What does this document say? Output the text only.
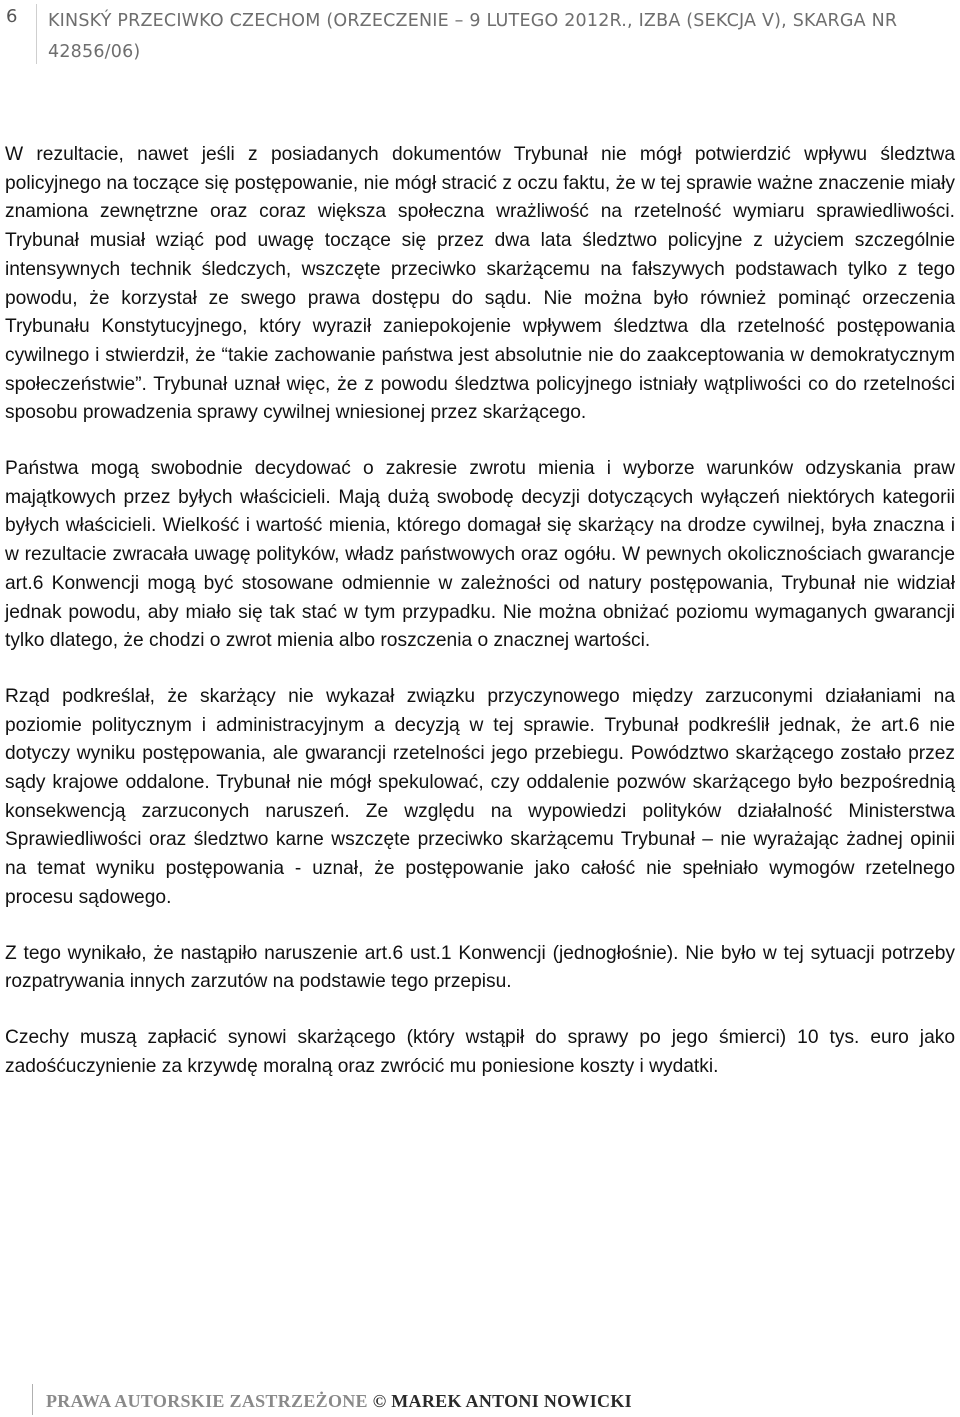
6 KINSKÝ PRZECIWKO CZECHOM (ORZECZENIE – 9 LUTEGO 2012R., IZBA (SEKCJA V), SKARGA NR 42856/06)

W rezultacie, nawet jeśli z posiadanych dokumentów Trybunał nie mógł potwierdzić wpływu śledztwa policyjnego na toczące się postępowanie, nie mógł stracić z oczu faktu, że w tej sprawie ważne znaczenie miały znamiona zewnętrzne oraz coraz większa społeczna wrażliwość na rzetelność wymiaru sprawiedliwości. Trybunał musiał wziąć pod uwagę toczące się przez dwa lata śledztwo policyjne z użyciem szczególnie intensywnych technik śledczych, wszczęte przeciwko skarżącemu na fałszywych podstawach tylko z tego powodu, że korzystał ze swego prawa dostępu do sądu. Nie można było również pominąć orzeczenia Trybunału Konstytucyjnego, który wyraził zaniepokojenie wpływem śledztwa dla rzetelność postępowania cywilnego i stwierdził, że “takie zachowanie państwa jest absolutnie nie do zaakceptowania w demokratycznym społeczeństwie”. Trybunał uznał więc, że z powodu śledztwa policyjnego istniały wątpliwości co do rzetelności sposobu prowadzenia sprawy cywilnej wniesionej przez skarżącego.

Państwa mogą swobodnie decydować o zakresie zwrotu mienia i wyborze warunków odzyskania praw majątkowych przez byłych właścicieli. Mają dużą swobodę decyzji dotyczących wyłączeń niektórych kategorii byłych właścicieli. Wielkość i wartość mienia, którego domagał się skarżący na drodze cywilnej, była znaczna i w rezultacie zwracała uwagę polityków, władz państwowych oraz ogółu. W pewnych okolicznościach gwarancje art.6 Konwencji mogą być stosowane odmiennie w zależności od natury postępowania, Trybunał nie widział jednak powodu, aby miało się tak stać w tym przypadku. Nie można obniżać poziomu wymaganych gwarancji tylko dlatego, że chodzi o zwrot mienia albo roszczenia o znacznej wartości.

Rząd podkreślał, że skarżący nie wykazał związku przyczynowego między zarzuconymi działaniami na poziomie politycznym i administracyjnym a decyzją w tej sprawie. Trybunał podkreślił jednak, że art.6 nie dotyczy wyniku postępowania, ale gwarancji rzetelności jego przebiegu. Powództwo skarżącego zostało przez sądy krajowe oddalone. Trybunał nie mógł spekulować, czy oddalenie pozwów skarżącego było bezpośrednią konsekwencją zarzuconych naruszeń. Ze względu na wypowiedzi polityków działalność Ministerstwa Sprawiedliwości oraz śledztwo karne wszczęte przeciwko skarżącemu Trybunał – nie wyrażając żadnej opinii na temat wyniku postępowania - uznał, że postępowanie jako całość nie spełniało wymogów rzetelnego procesu sądowego.

Z tego wynikało, że nastąpiło naruszenie art.6 ust.1 Konwencji (jednogłośnie). Nie było w tej sytuacji potrzeby rozpatrywania innych zarzutów na podstawie tego przepisu.

Czechy muszą zapłacić synowi skarżącego (który wstąpił do sprawy po jego śmierci) 10 tys. euro jako zadośćuczynienie za krzywdę moralną oraz zwrócić mu poniesione koszty i wydatki.

PRAWA AUTORSKIE ZASTRZEŻONE © MAREK ANTONI NOWICKI
